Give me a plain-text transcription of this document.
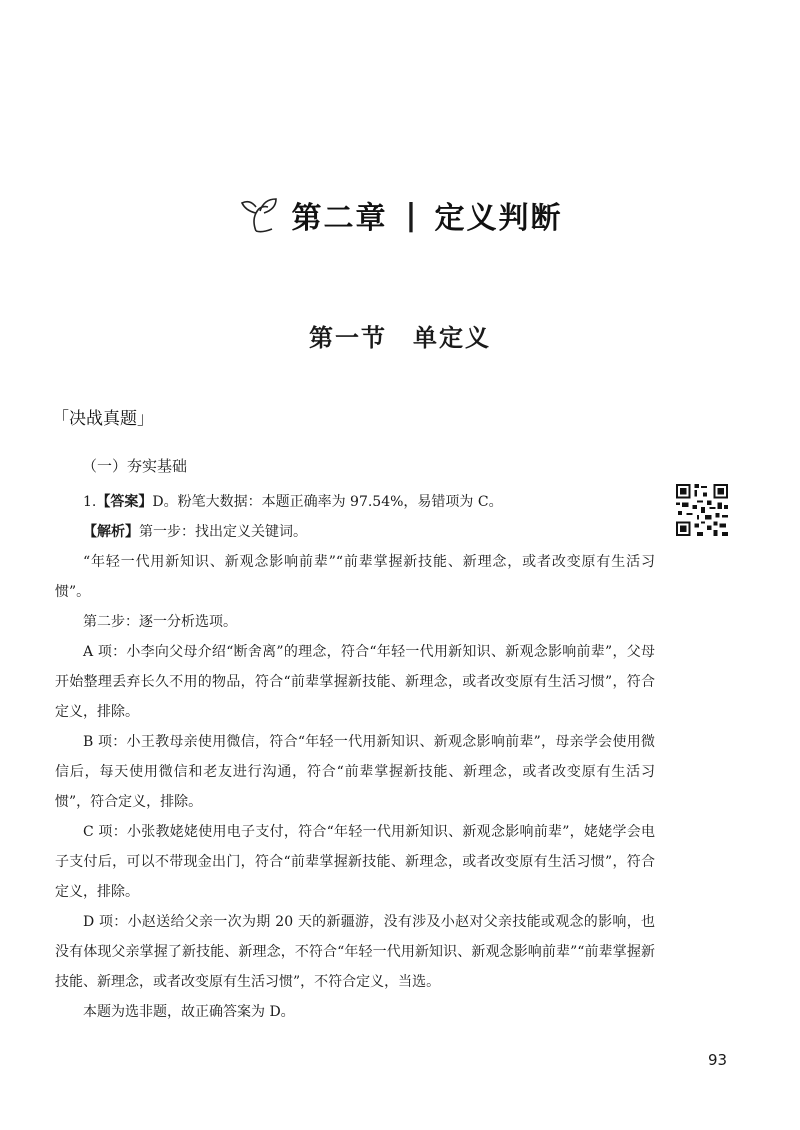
第二章 | 定义判断
第一节 单定义
「决战真题」
（一）夯实基础

1.【答案】D。粉笔大数据：本题正确率为 97.54%，易错项为 C。

【解析】第一步：找出定义关键词。

“年轻一代用新知识、新观念影响前辈”“前辈掌握新技能、新理念，或者改变原有生活习惯”。

第二步：逐一分析选项。

A 项：小李向父母介绍“断舍离”的理念，符合“年轻一代用新知识、新观念影响前辈”，父母开始整理丢弃长久不用的物品，符合“前辈掌握新技能、新理念，或者改变原有生活习惯”，符合定义，排除。

B 项：小王教母亲使用微信，符合“年轻一代用新知识、新观念影响前辈”，母亲学会使用微信后，每天使用微信和老友进行沟通，符合“前辈掌握新技能、新理念，或者改变原有生活习惯”，符合定义，排除。

C 项：小张教姥姥使用电子支付，符合“年轻一代用新知识、新观念影响前辈”，姥姥学会电子支付后，可以不带现金出门，符合“前辈掌握新技能、新理念，或者改变原有生活习惯”，符合定义，排除。

D 项：小赵送给父亲一次为期 20 天的新疆游，没有涉及小赵对父亲技能或观念的影响，也没有体现父亲掌握了新技能、新理念，不符合“年轻一代用新知识、新观念影响前辈”“前辈掌握新技能、新理念，或者改变原有生活习惯”，不符合定义，当选。

本题为选非题，故正确答案为 D。

93
